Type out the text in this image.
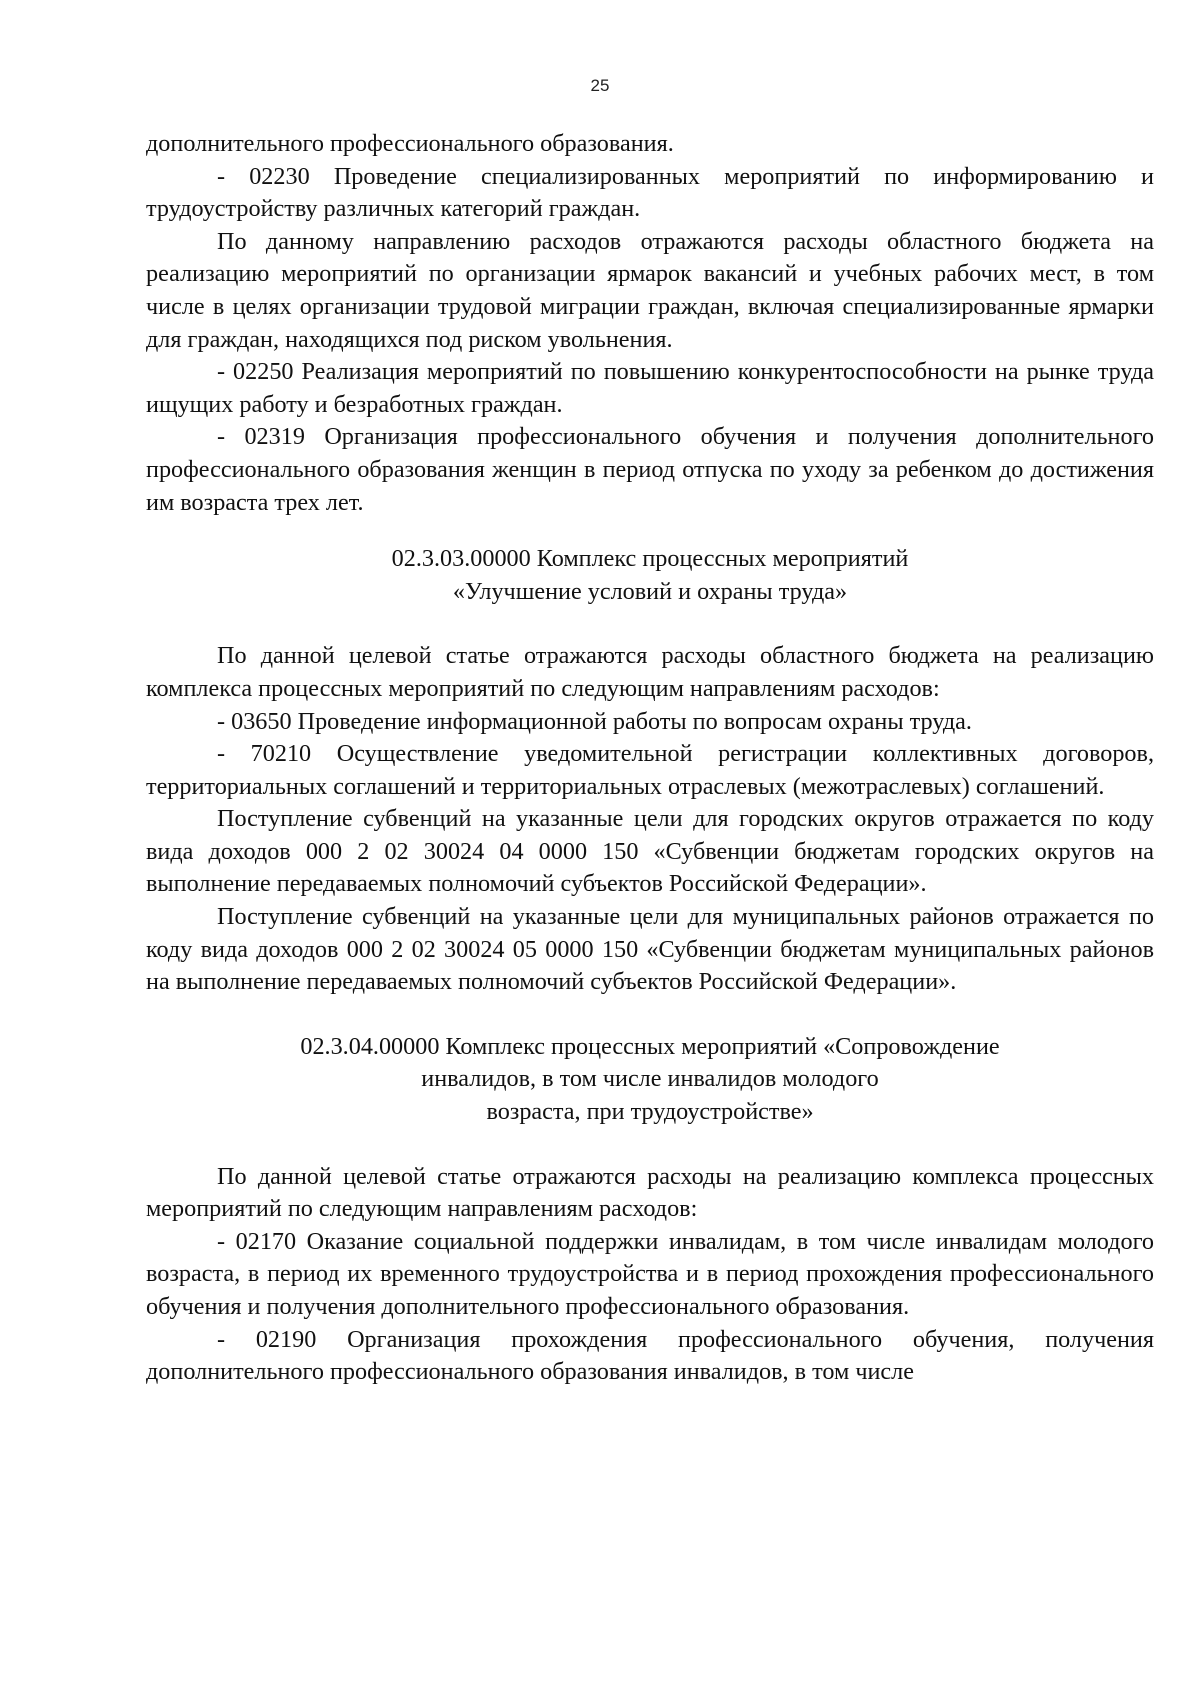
25

дополнительного профессионального образования.

- 02230 Проведение специализированных мероприятий по информированию и трудоустройству различных категорий граждан.

По данному направлению расходов отражаются расходы областного бюджета на реализацию мероприятий по организации ярмарок вакансий и учебных рабочих мест, в том числе в целях организации трудовой миграции граждан, включая специализированные ярмарки для граждан, находящихся под риском увольнения.

- 02250 Реализация мероприятий по повышению конкурентоспособности на рынке труда ищущих работу и безработных граждан.

- 02319 Организация профессионального обучения и получения дополнительного профессионального образования женщин в период отпуска по уходу за ребенком до достижения им возраста трех лет.

02.3.03.00000 Комплекс процессных мероприятий
«Улучшение условий и охраны труда»

По данной целевой статье отражаются расходы областного бюджета на реализацию комплекса процессных мероприятий по следующим направлениям расходов:

- 03650 Проведение информационной работы по вопросам охраны труда.

- 70210 Осуществление уведомительной регистрации коллективных договоров, территориальных соглашений и территориальных отраслевых (межотраслевых) соглашений.

Поступление субвенций на указанные цели для городских округов отражается по коду вида доходов 000 2 02 30024 04 0000 150 «Субвенции бюджетам городских округов на выполнение передаваемых полномочий субъектов Российской Федерации».

Поступление субвенций на указанные цели для муниципальных районов отражается по коду вида доходов 000 2 02 30024 05 0000 150 «Субвенции бюджетам муниципальных районов на выполнение передаваемых полномочий субъектов Российской Федерации».

02.3.04.00000 Комплекс процессных мероприятий «Сопровождение
инвалидов, в том числе инвалидов молодого
возраста, при трудоустройстве»

По данной целевой статье отражаются расходы на реализацию комплекса процессных мероприятий по следующим направлениям расходов:

- 02170 Оказание социальной поддержки инвалидам, в том числе инвалидам молодого возраста, в период их временного трудоустройства и в период прохождения профессионального обучения и получения дополнительного профессионального образования.

- 02190 Организация прохождения профессионального обучения, получения дополнительного профессионального образования инвалидов, в том числе
